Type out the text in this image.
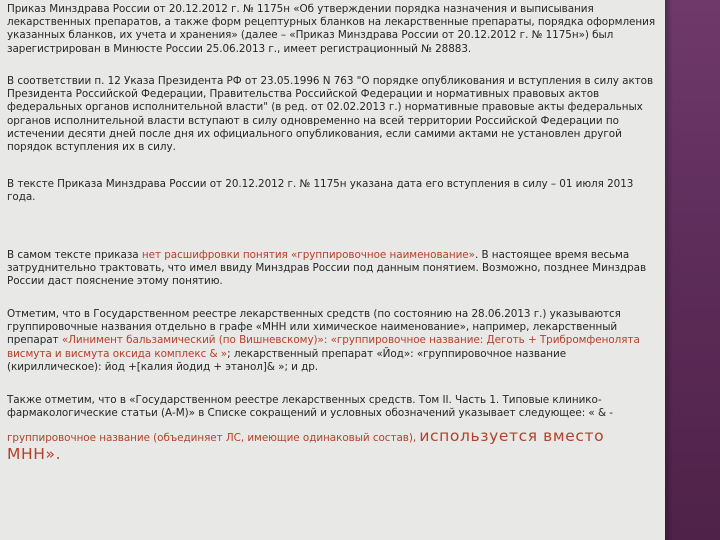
Приказ Минздрава России от 20.12.2012 г. № 1175н «Об утверждении порядка назначения и выписывания лекарственных препаратов, а также форм рецептурных бланков на лекарственные препараты, порядка оформления указанных бланков, их учета и хранения» (далее – «Приказ Минздрава России от 20.12.2012 г. № 1175н») был зарегистрирован в Минюсте России 25.06.2013 г., имеет регистрационный № 28883.

В соответствии п. 12 Указа Президента РФ от 23.05.1996 N 763 "О порядке опубликования и вступления в силу актов Президента Российской Федерации, Правительства Российской Федерации и нормативных правовых актов федеральных органов исполнительной власти" (в ред. от 02.02.2013 г.) нормативные правовые акты федеральных органов исполнительной власти вступают в силу одновременно на всей территории Российской Федерации по истечении десяти дней после дня их официального опубликования, если самими актами не установлен другой порядок вступления их в силу.

В тексте Приказа Минздрава России от 20.12.2012 г. № 1175н указана дата его вступления в силу – 01 июля 2013 года.

В самом тексте приказа нет расшифровки понятия «группировочное наименование». В настоящее время весьма затруднительно трактовать, что имел ввиду Минздрав России под данным понятием. Возможно, позднее Минздрав России даст пояснение этому понятию.

Отметим, что в Государственном реестре лекарственных средств (по состоянию на 28.06.2013 г.) указываются группировочные названия отдельно в графе «МНН или химическое наименование», например, лекарственный препарат «Линимент бальзамический (по Вишневскому)»: «группировочное название: Деготь + Трибромфенолята висмута и висмута оксида комплекс & »; лекарственный препарат «Йод»: «группировочное название (кириллическое): йод +[калия йодид + этанол]& »; и др.

Также отметим, что в «Государственном реестре лекарственных средств. Том II. Часть 1. Типовые клинико-фармакологические статьи (А-М)» в Списке сокращений и условных обозначений указывает следующее: « & -

группировочное название (объединяет ЛС, имеющие одинаковый состав), используется вместо МНН».
